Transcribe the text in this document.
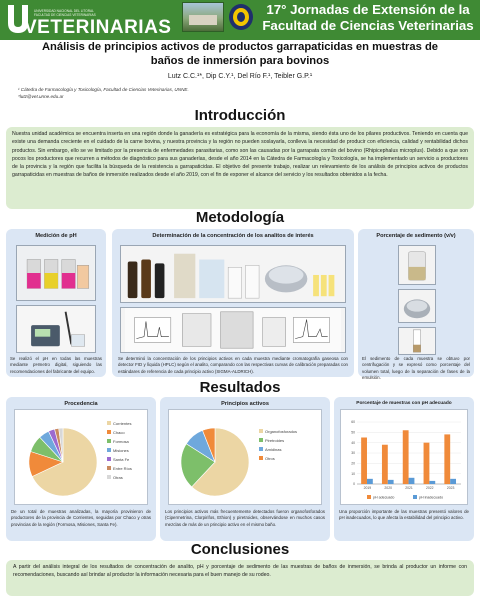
UNIVERSIDAD NACIONAL DEL LITORAL
FACULTAD DE CIENCIAS VETERINARIAS
VETERINARIAS
17° Jornadas de Extensión de la
Facultad de Ciencias Veterinarias
Análisis de principios activos de productos garrapaticidas en muestras de
baños de inmersión para bovinos
Lutz C.C.¹*, Dip C.Y.¹, Del Río F.¹, Teibler G.P.¹
¹ Cátedra de Farmacología y Toxicología, Facultad de Ciencias Veterinarias, UNNE.
*lutz@vet.unne.edu.ar
Introducción
Nuestra unidad académica se encuentra inserta en una región donde la ganadería es estratégica para la economía de la misma, siendo ésta uno de los pilares productivos. Teniendo en cuenta que existe una demanda creciente en el cuidado de la carne bovina, y nuestra provincia y la región no pueden soslayarla, conlleva la necesidad de producir con eficiencia, calidad y rentabilidad dichos productos. Sin embargo, ello se ve limitado por la presencia de enfermedades parasitarias, como son las causadas por la garrapata común del bovino (Rhipicephalus microplus). Debido a que son pocos los productores que recurren a métodos de diagnóstico para sus ganaderías, desde el año 2014 en la Cátedra de Farmacología y Toxicología, se ha implementado un servicio a productores de la provincia y la región que facilita la búsqueda de la resistencia a garrapaticidas. El objetivo del presente trabajo, realizar un relevamiento de los análisis de principios activos de productos garrapaticidas en muestras de baños de inmersión realizados desde el año 2019, con el fin de exponer el alcance del servicio y los resultados obtenidos a la fecha.
Metodología
Medición de pH
Se realizó el pH en todas las muestras mediante pHmetro digital, siguiendo las recomendaciones del fabricante del equipo.
Determinación de la concentración de los analitos de interés
Se determinó la concentración de los principios activos en cada muestra mediante cromatografía gaseosa con detector FID y líquida (HPLC) según el analito, comparando con las respectivas curvas de calibración preparadas con estándares de referencia de cada principio activo (SIGMA-ALDRICH).
Porcentaje de sedimento (v/v)
El sedimento de cada muestra se obtuvo por centrifugación y se expresó como porcentaje del volumen total, luego de la separación de fases de la emulsión.
Resultados
Procedencia
Corrientes
Chaco
Formosa
Misiones
Santa Fe
Entre Ríos
Otras
De un total de muestras analizadas, la mayoría provinieron de productores de la provincia de Corrientes, seguidas por Chaco y otras provincias de la región (Formosa, Misiones, Santa Fe).
Principios activos
Organofosforados
Piretroides
Amidinas
Otros
Los principios activos más frecuentemente detectados fueron organofosforados (Cipermetrina, Clorpirifos, Ethion) y piretroides, observándose en muchos casos mezclas de más de un principio activo en el mismo baño.
Porcentaje de muestras con pH adecuado
0
10
20
30
40
50
60
2019	2020	2021	2022	2023
pH adecuado	pH inadecuado
Una proporción importante de las muestras presentó valores de pH inadecuados, lo que afecta la estabilidad del principio activo.
Conclusiones
A partir del análisis integral de los resultados de concentración de analito, pH y porcentaje de sedimento de las muestras de baños de inmersión, se brinda al productor un informe con recomendaciones, buscando así brindar al productor la información necesaria para el buen manejo de su rodeo.
